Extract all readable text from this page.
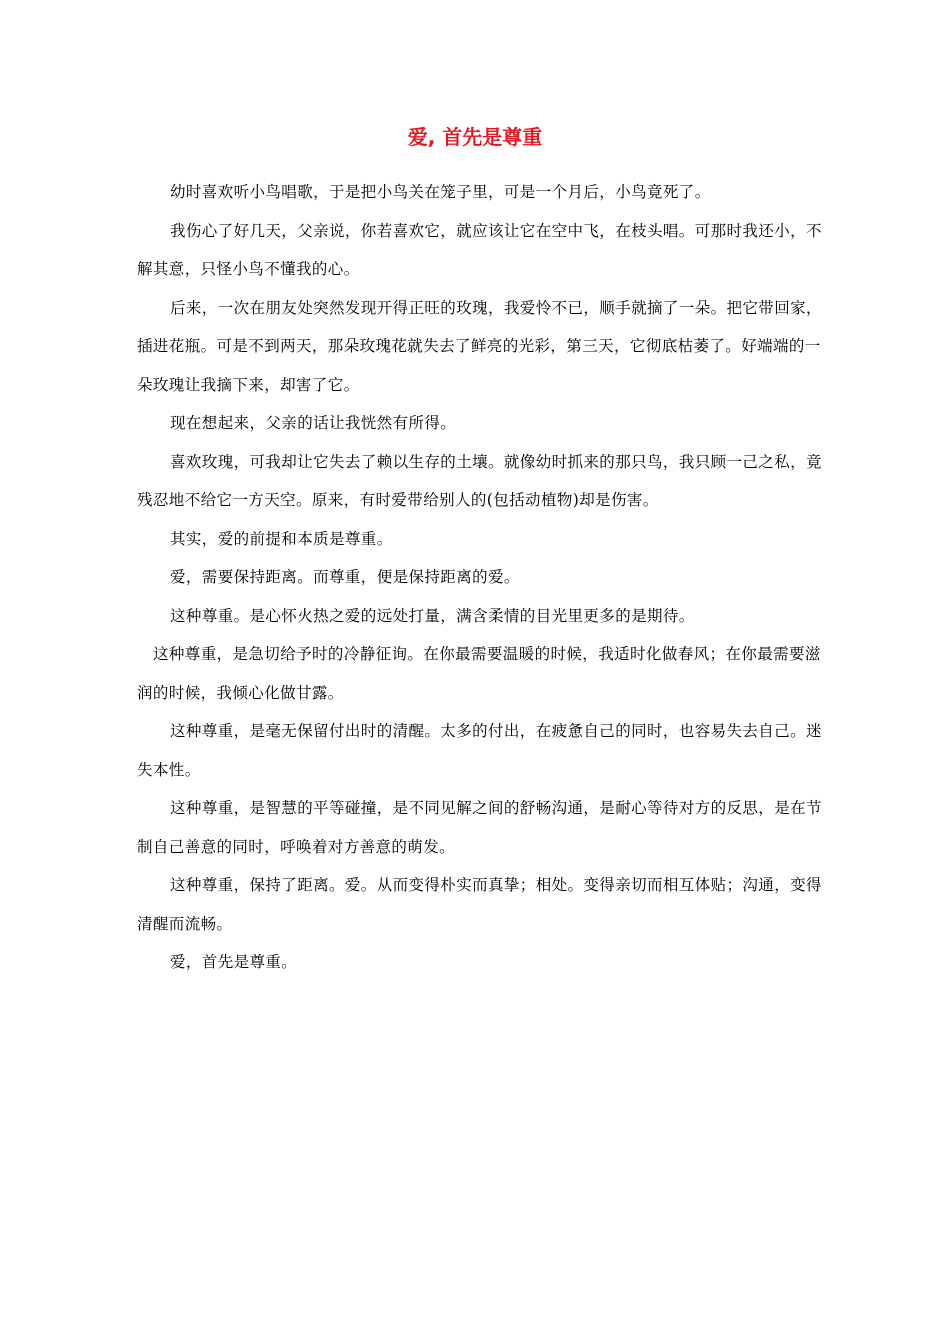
爱, 首先是尊重

幼时喜欢听小鸟唱歌，于是把小鸟关在笼子里，可是一个月后，小鸟竟死了。

我伤心了好几天，父亲说，你若喜欢它，就应该让它在空中飞，在枝头唱。可那时我还小，不解其意，只怪小鸟不懂我的心。

后来，一次在朋友处突然发现开得正旺的玫瑰，我爱怜不已，顺手就摘了一朵。把它带回家，插进花瓶。可是不到两天，那朵玫瑰花就失去了鲜亮的光彩，第三天，它彻底枯萎了。好端端的一朵玫瑰让我摘下来，却害了它。

现在想起来，父亲的话让我恍然有所得。

喜欢玫瑰，可我却让它失去了赖以生存的土壤。就像幼时抓来的那只鸟，我只顾一己之私，竟残忍地不给它一方天空。原来，有时爱带给别人的(包括动植物)却是伤害。

其实，爱的前提和本质是尊重。

爱，需要保持距离。而尊重，便是保持距离的爱。

这种尊重。是心怀火热之爱的远处打量，满含柔情的目光里更多的是期待。

这种尊重，是急切给予时的冷静征询。在你最需要温暖的时候，我适时化做春风；在你最需要滋润的时候，我倾心化做甘露。

这种尊重，是毫无保留付出时的清醒。太多的付出，在疲惫自己的同时，也容易失去自己。迷失本性。

这种尊重，是智慧的平等碰撞，是不同见解之间的舒畅沟通，是耐心等待对方的反思，是在节制自己善意的同时，呼唤着对方善意的萌发。

这种尊重，保持了距离。爱。从而变得朴实而真挚；相处。变得亲切而相互体贴；沟通，变得清醒而流畅。

爱，首先是尊重。
